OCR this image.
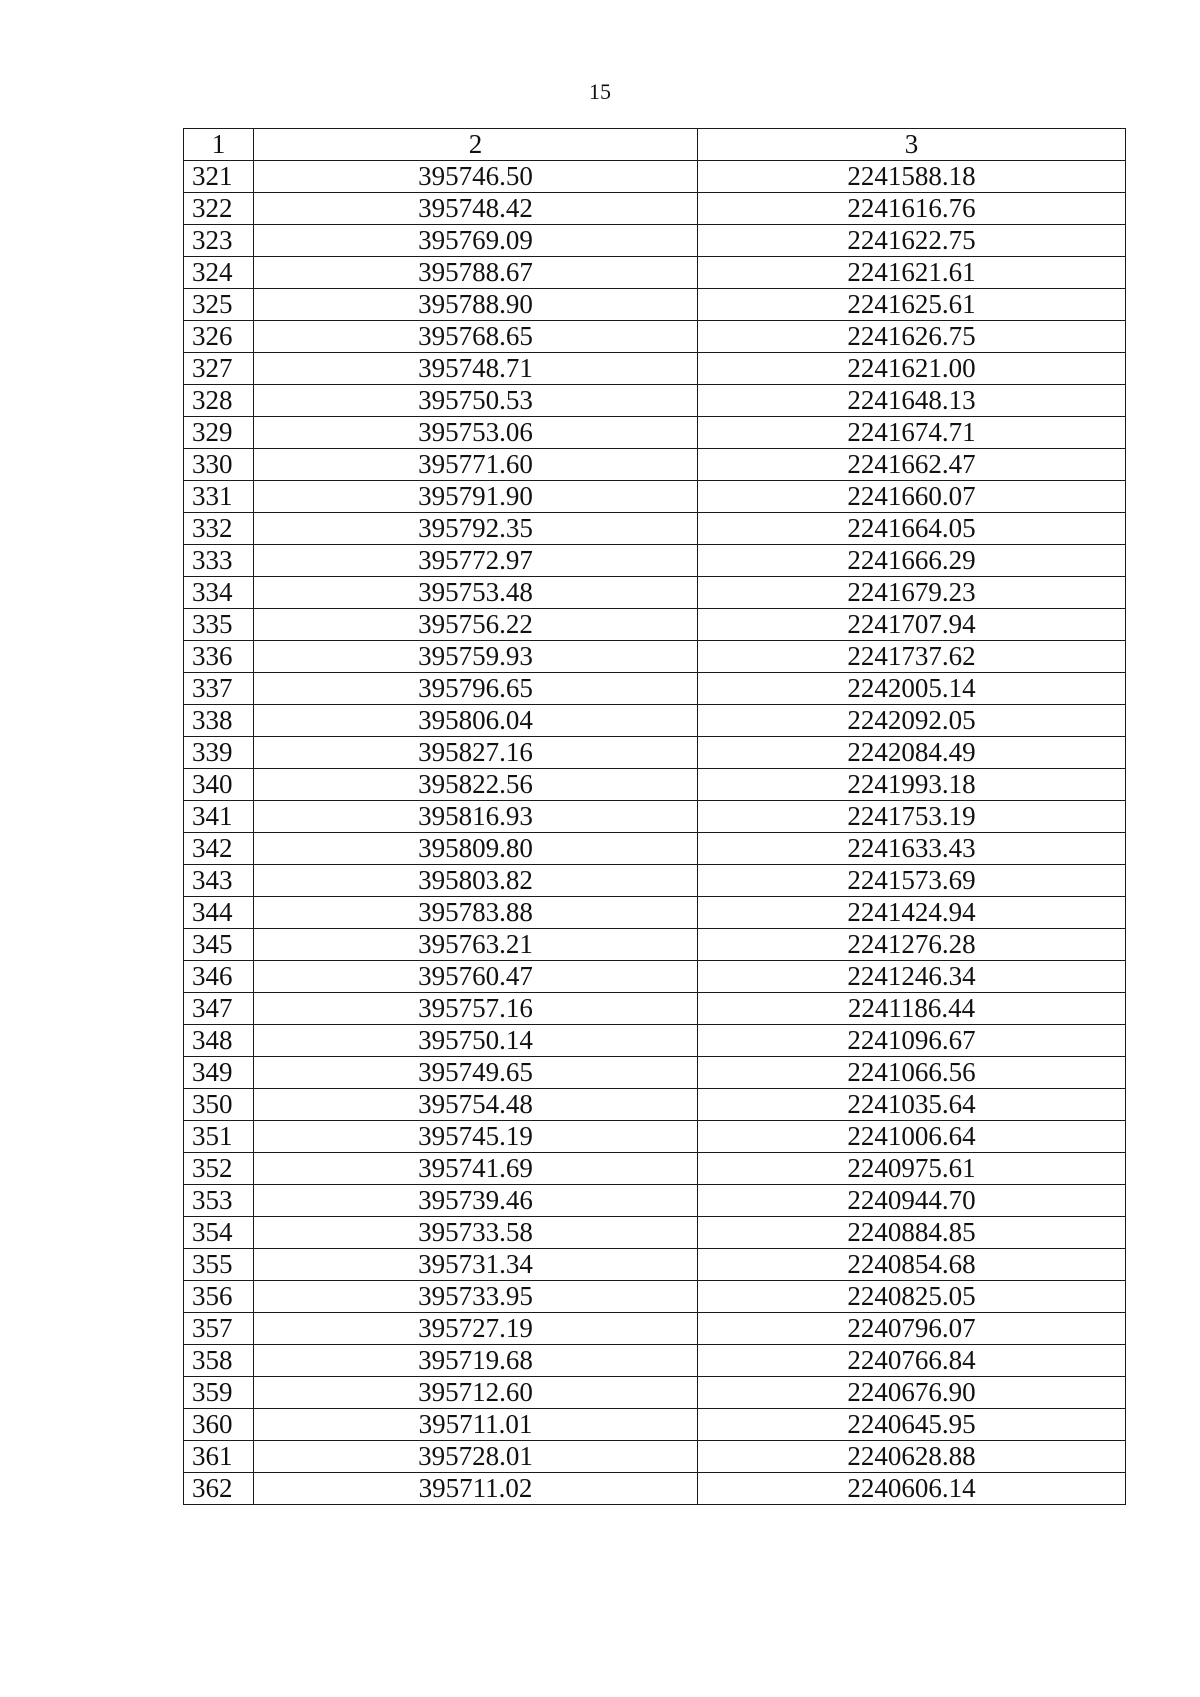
15
1	2	3
321	395746.50	2241588.18
322	395748.42	2241616.76
323	395769.09	2241622.75
324	395788.67	2241621.61
325	395788.90	2241625.61
326	395768.65	2241626.75
327	395748.71	2241621.00
328	395750.53	2241648.13
329	395753.06	2241674.71
330	395771.60	2241662.47
331	395791.90	2241660.07
332	395792.35	2241664.05
333	395772.97	2241666.29
334	395753.48	2241679.23
335	395756.22	2241707.94
336	395759.93	2241737.62
337	395796.65	2242005.14
338	395806.04	2242092.05
339	395827.16	2242084.49
340	395822.56	2241993.18
341	395816.93	2241753.19
342	395809.80	2241633.43
343	395803.82	2241573.69
344	395783.88	2241424.94
345	395763.21	2241276.28
346	395760.47	2241246.34
347	395757.16	2241186.44
348	395750.14	2241096.67
349	395749.65	2241066.56
350	395754.48	2241035.64
351	395745.19	2241006.64
352	395741.69	2240975.61
353	395739.46	2240944.70
354	395733.58	2240884.85
355	395731.34	2240854.68
356	395733.95	2240825.05
357	395727.19	2240796.07
358	395719.68	2240766.84
359	395712.60	2240676.90
360	395711.01	2240645.95
361	395728.01	2240628.88
362	395711.02	2240606.14
